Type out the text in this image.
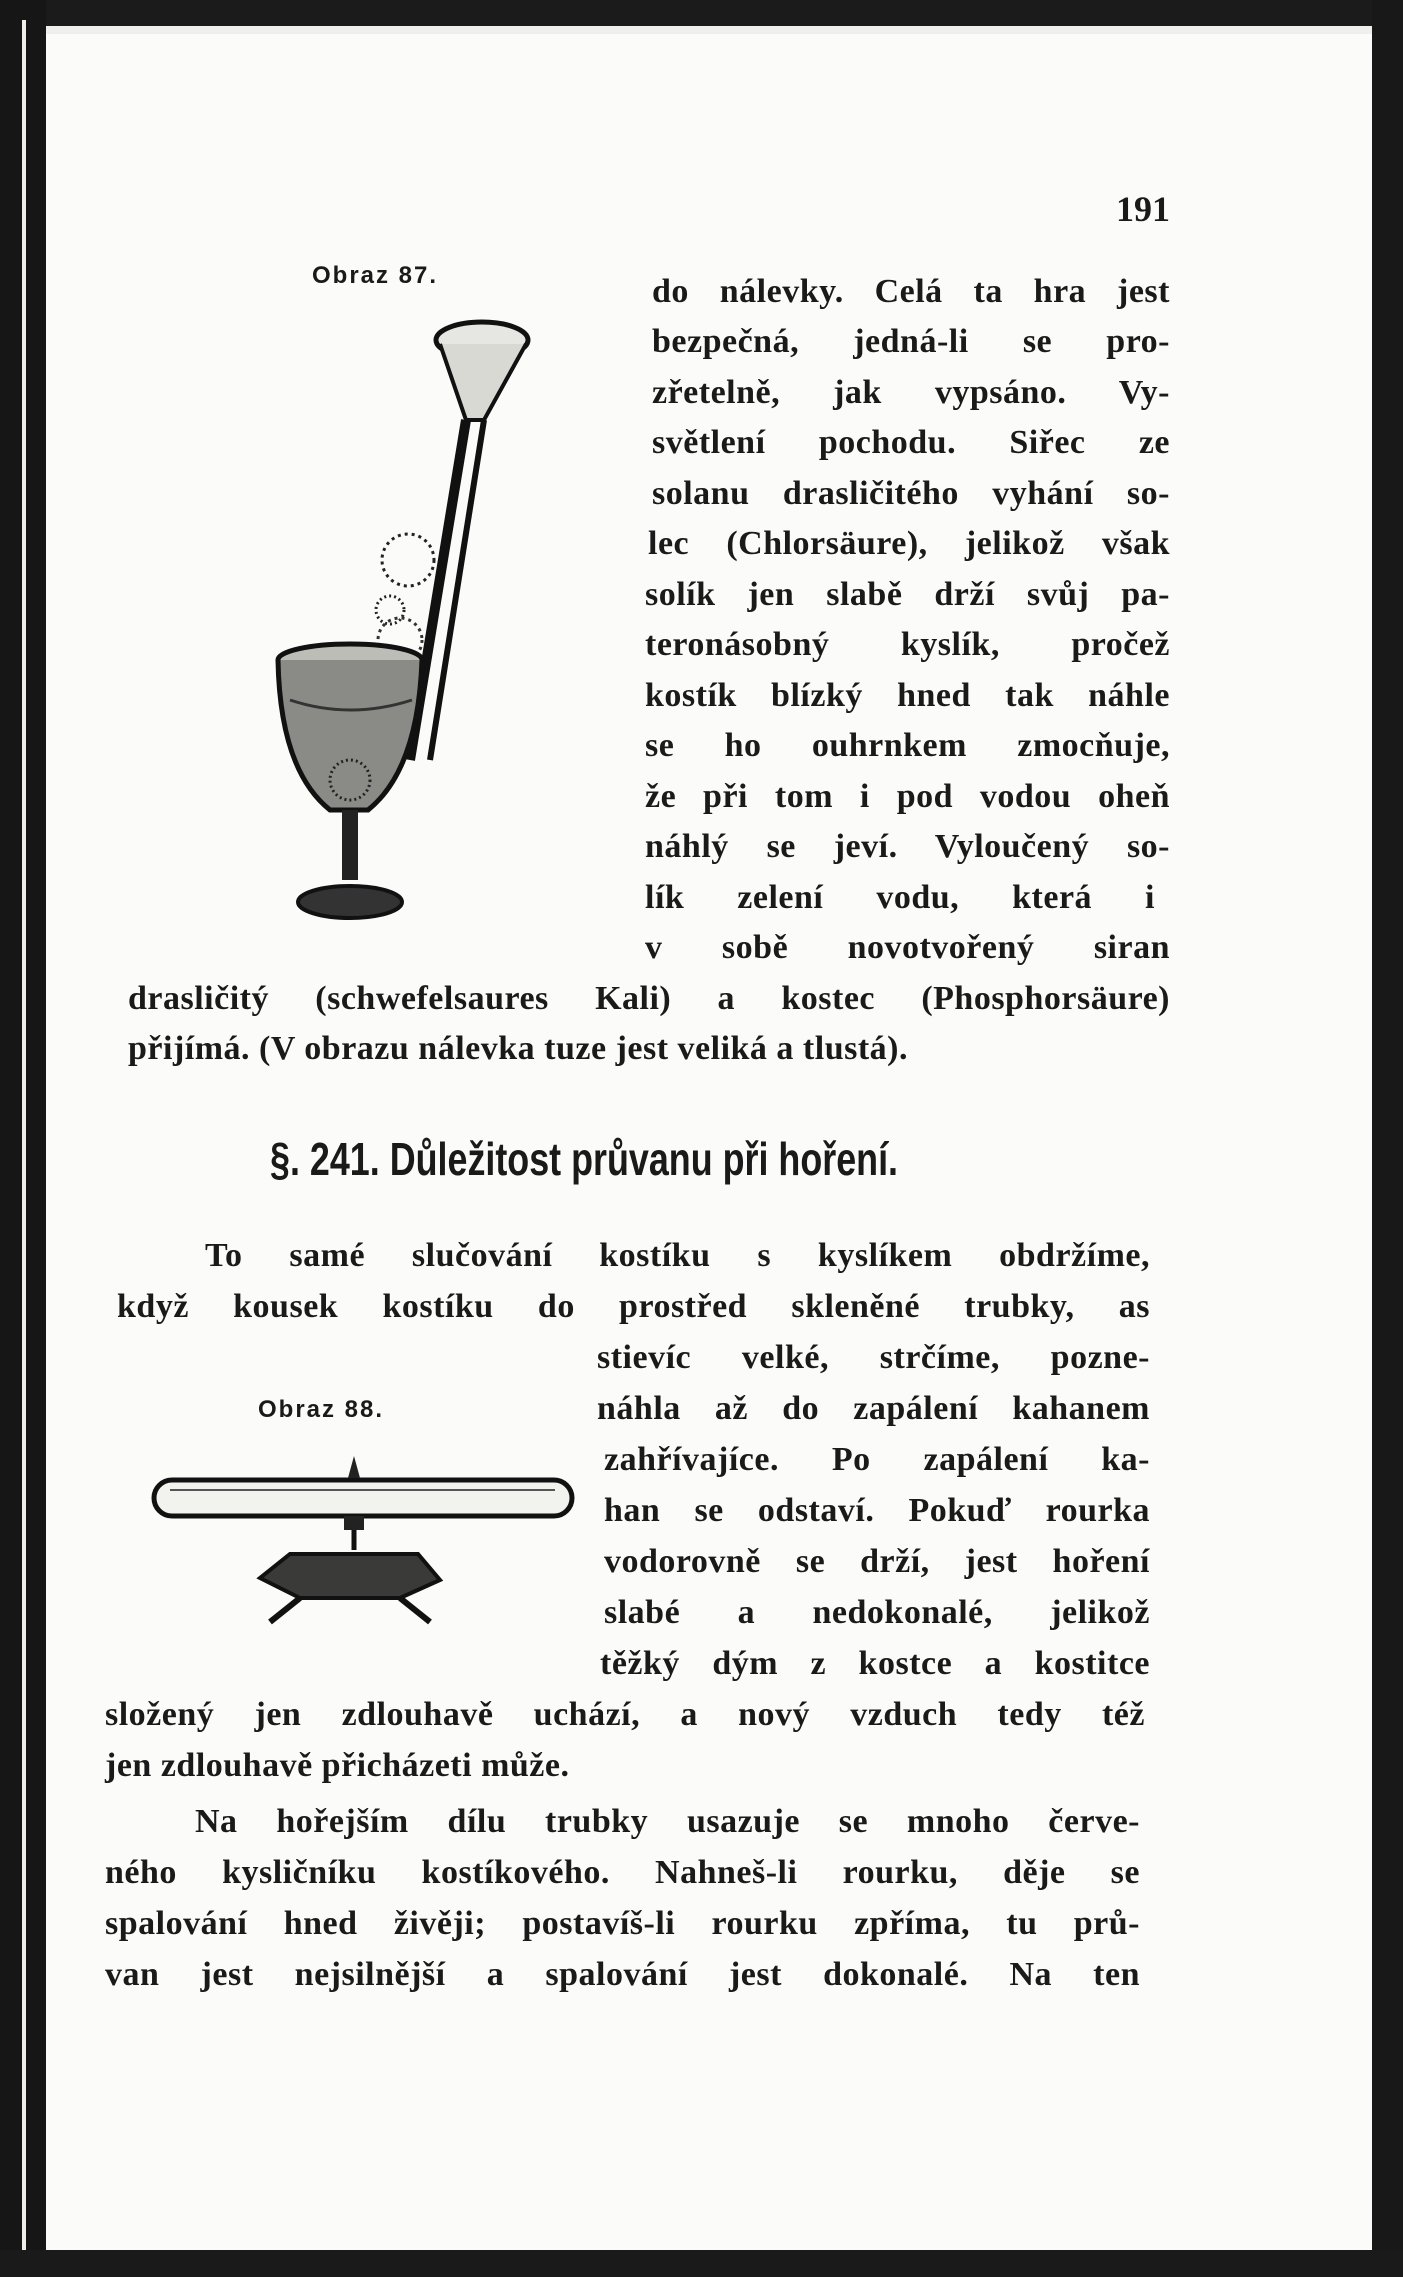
191
Obraz 87.	do nálevky. Celá ta hra jest
bezpečná, jedná-li se pro-
zřetelně, jak vypsáno. Vy-
světlení pochodu. Siřec ze
solanu drasličitého vyhání so-
lec (Chlorsäure), jelikož však
solík jen slabě drží svůj pa-
teronásobný kyslík, pročež
kostík blízký hned tak náhle
se ho ouhrnkem zmocňuje,
že při tom i pod vodou oheň
náhlý se jeví. Vyloučený so-
lík zelení vodu, která i
v sobě novotvořený siran
drasličitý (schwefelsaures Kali) a kostec (Phosphorsäure)
přijímá. (V obrazu nálevka tuze jest veliká a tlustá).
§. 241. Důležitost průvanu při hoření.
To samé slučování kostíku s kyslíkem obdržíme,
když kousek kostíku do prostřed skleněné trubky, as
Obraz 88.
stievíc velké, strčíme, pozne-
náhla až do zapálení kahanem
zahřívajíce. Po zapálení ka-
han se odstaví. Pokuď rourka
vodorovně se drží, jest hoření
slabé a nedokonalé, jelikož
těžký dým z kostce a kostitce
složený jen zdlouhavě uchází, a nový vzduch tedy též
jen zdlouhavě přicházeti může.
Na hořejším dílu trubky usazuje se mnoho červe-
ného kysličníku kostíkového. Nahneš-li rourku, děje se
spalování hned živěji; postavíš-li rourku zpříma, tu prů-
van jest nejsilnější a spalování jest dokonalé. Na ten
